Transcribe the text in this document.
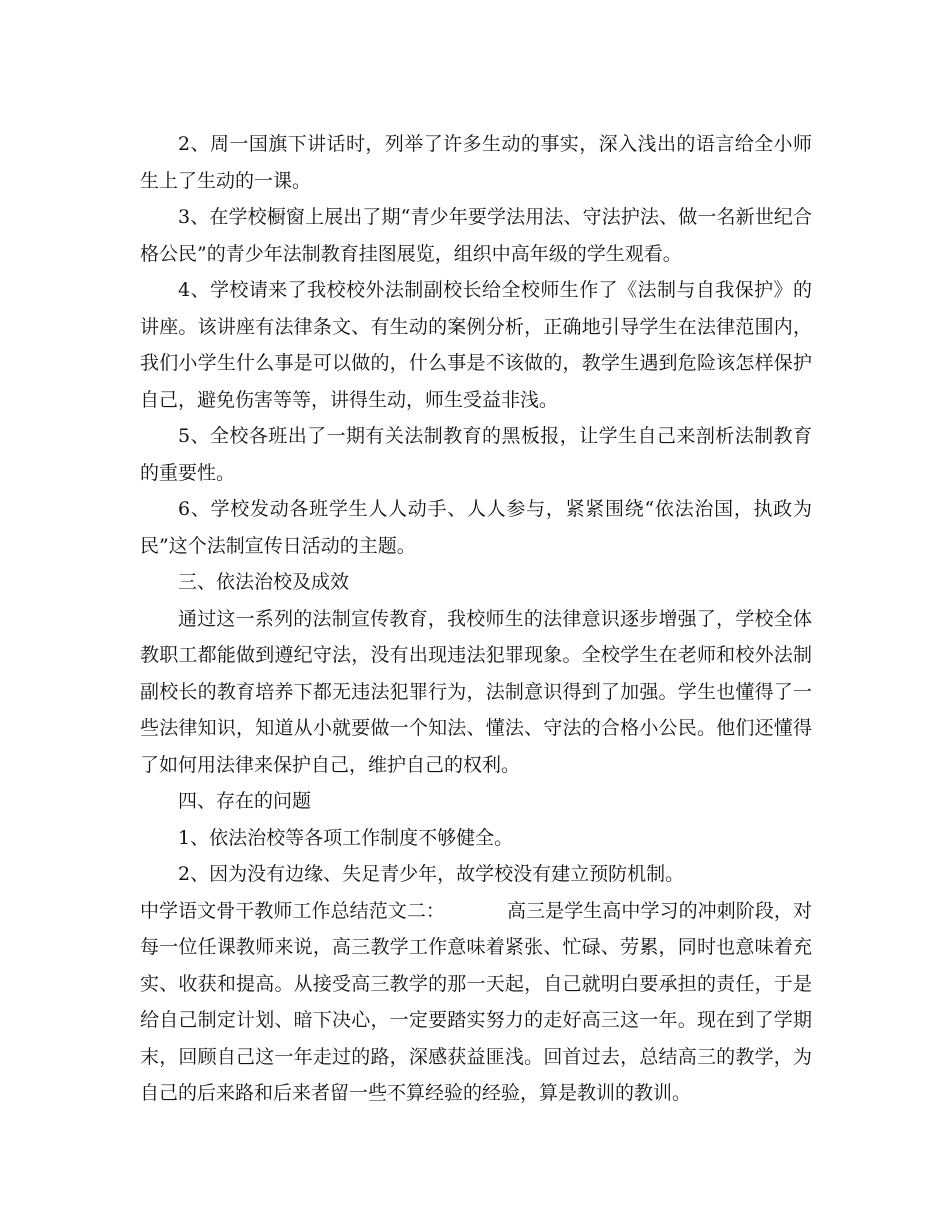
2、周一国旗下讲话时，列举了许多生动的事实，深入浅出的语言给全小师生上了生动的一课。

3、在学校橱窗上展出了期“青少年要学法用法、守法护法、做一名新世纪合格公民”的青少年法制教育挂图展览，组织中高年级的学生观看。

4、学校请来了我校校外法制副校长给全校师生作了《法制与自我保护》的讲座。该讲座有法律条文、有生动的案例分析，正确地引导学生在法律范围内，我们小学生什么事是可以做的，什么事是不该做的，教学生遇到危险该怎样保护自己，避免伤害等等，讲得生动，师生受益非浅。

5、全校各班出了一期有关法制教育的黑板报，让学生自己来剖析法制教育的重要性。

6、学校发动各班学生人人动手、人人参与，紧紧围绕“依法治国，执政为民”这个法制宣传日活动的主题。

三、依法治校及成效

通过这一系列的法制宣传教育，我校师生的法律意识逐步增强了，学校全体教职工都能做到遵纪守法，没有出现违法犯罪现象。全校学生在老师和校外法制副校长的教育培养下都无违法犯罪行为，法制意识得到了加强。学生也懂得了一些法律知识，知道从小就要做一个知法、懂法、守法的合格小公民。他们还懂得了如何用法律来保护自己，维护自己的权利。

四、存在的问题

1、依法治校等各项工作制度不够健全。

2、因为没有边缘、失足青少年，故学校没有建立预防机制。

中学语文骨干教师工作总结范文二：	高三是学生高中学习的冲刺阶段，对每一位任课教师来说，高三教学工作意味着紧张、忙碌、劳累，同时也意味着充实、收获和提高。从接受高三教学的那一天起，自己就明白要承担的责任，于是给自己制定计划、暗下决心，一定要踏实努力的走好高三这一年。现在到了学期末，回顾自己这一年走过的路，深感获益匪浅。回首过去，总结高三的教学，为自己的后来路和后来者留一些不算经验的经验，算是教训的教训。
